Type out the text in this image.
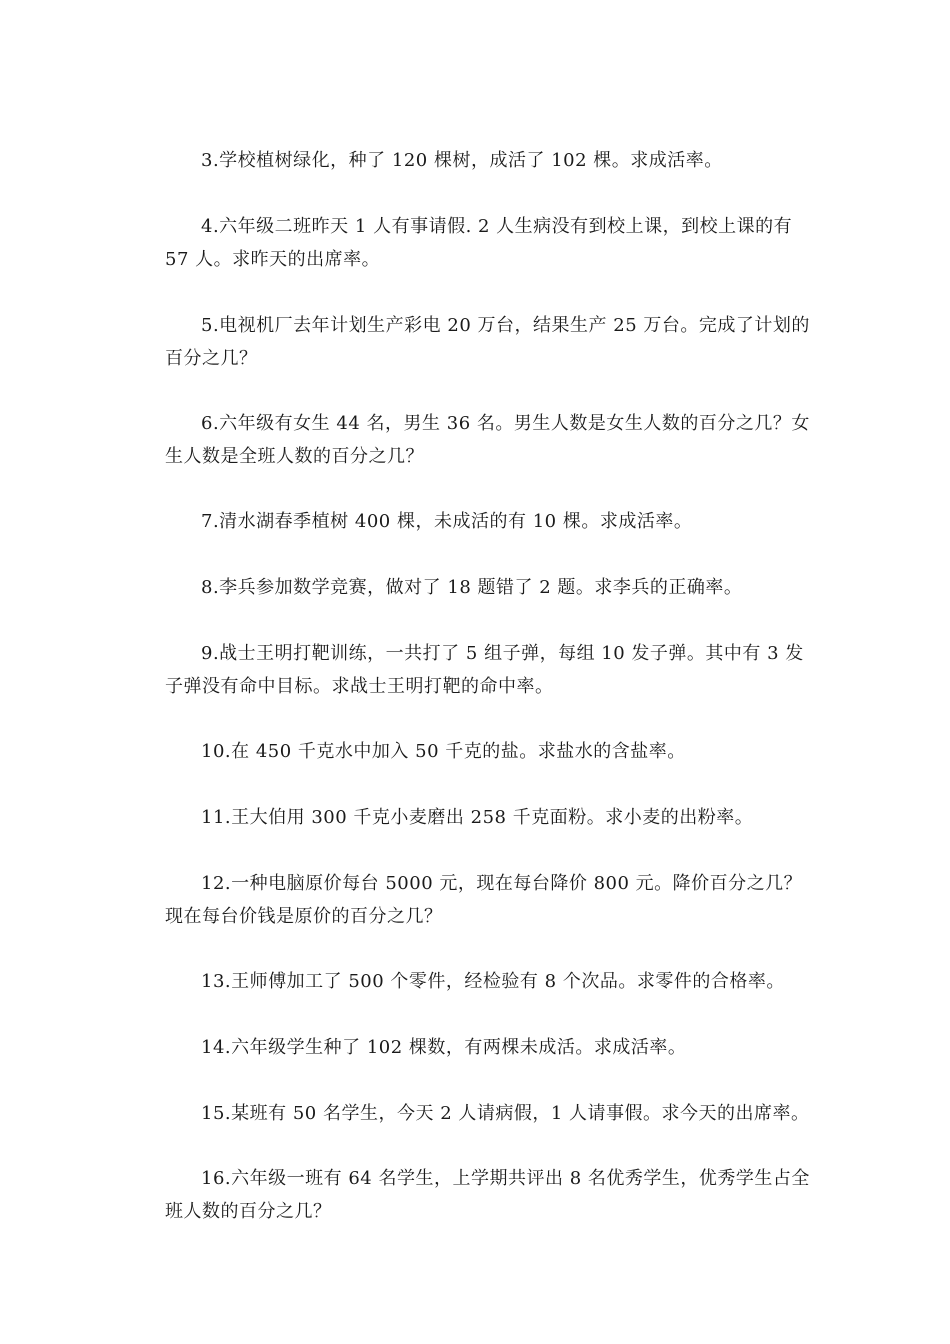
3.学校植树绿化，种了 120 棵树，成活了 102 棵。求成活率。

4.六年级二班昨天 1 人有事请假. 2 人生病没有到校上课，到校上课的有 57 人。求昨天的出席率。

5.电视机厂去年计划生产彩电 20 万台，结果生产 25 万台。完成了计划的百分之几？

6.六年级有女生 44 名，男生 36 名。男生人数是女生人数的百分之几？女生人数是全班人数的百分之几？

7.清水湖春季植树 400 棵，未成活的有 10 棵。求成活率。

8.李兵参加数学竞赛，做对了 18 题错了 2 题。求李兵的正确率。

9.战士王明打靶训练，一共打了 5 组子弹，每组 10 发子弹。其中有 3 发子弹没有命中目标。求战士王明打靶的命中率。

10.在 450 千克水中加入 50 千克的盐。求盐水的含盐率。

11.王大伯用 300 千克小麦磨出 258 千克面粉。求小麦的出粉率。

12.一种电脑原价每台 5000 元，现在每台降价 800 元。降价百分之几？现在每台价钱是原价的百分之几？

13.王师傅加工了 500 个零件，经检验有 8 个次品。求零件的合格率。

14.六年级学生种了 102 棵数，有两棵未成活。求成活率。

15.某班有 50 名学生，今天 2 人请病假，1 人请事假。求今天的出席率。

16.六年级一班有 64 名学生，上学期共评出 8 名优秀学生，优秀学生占全班人数的百分之几？
